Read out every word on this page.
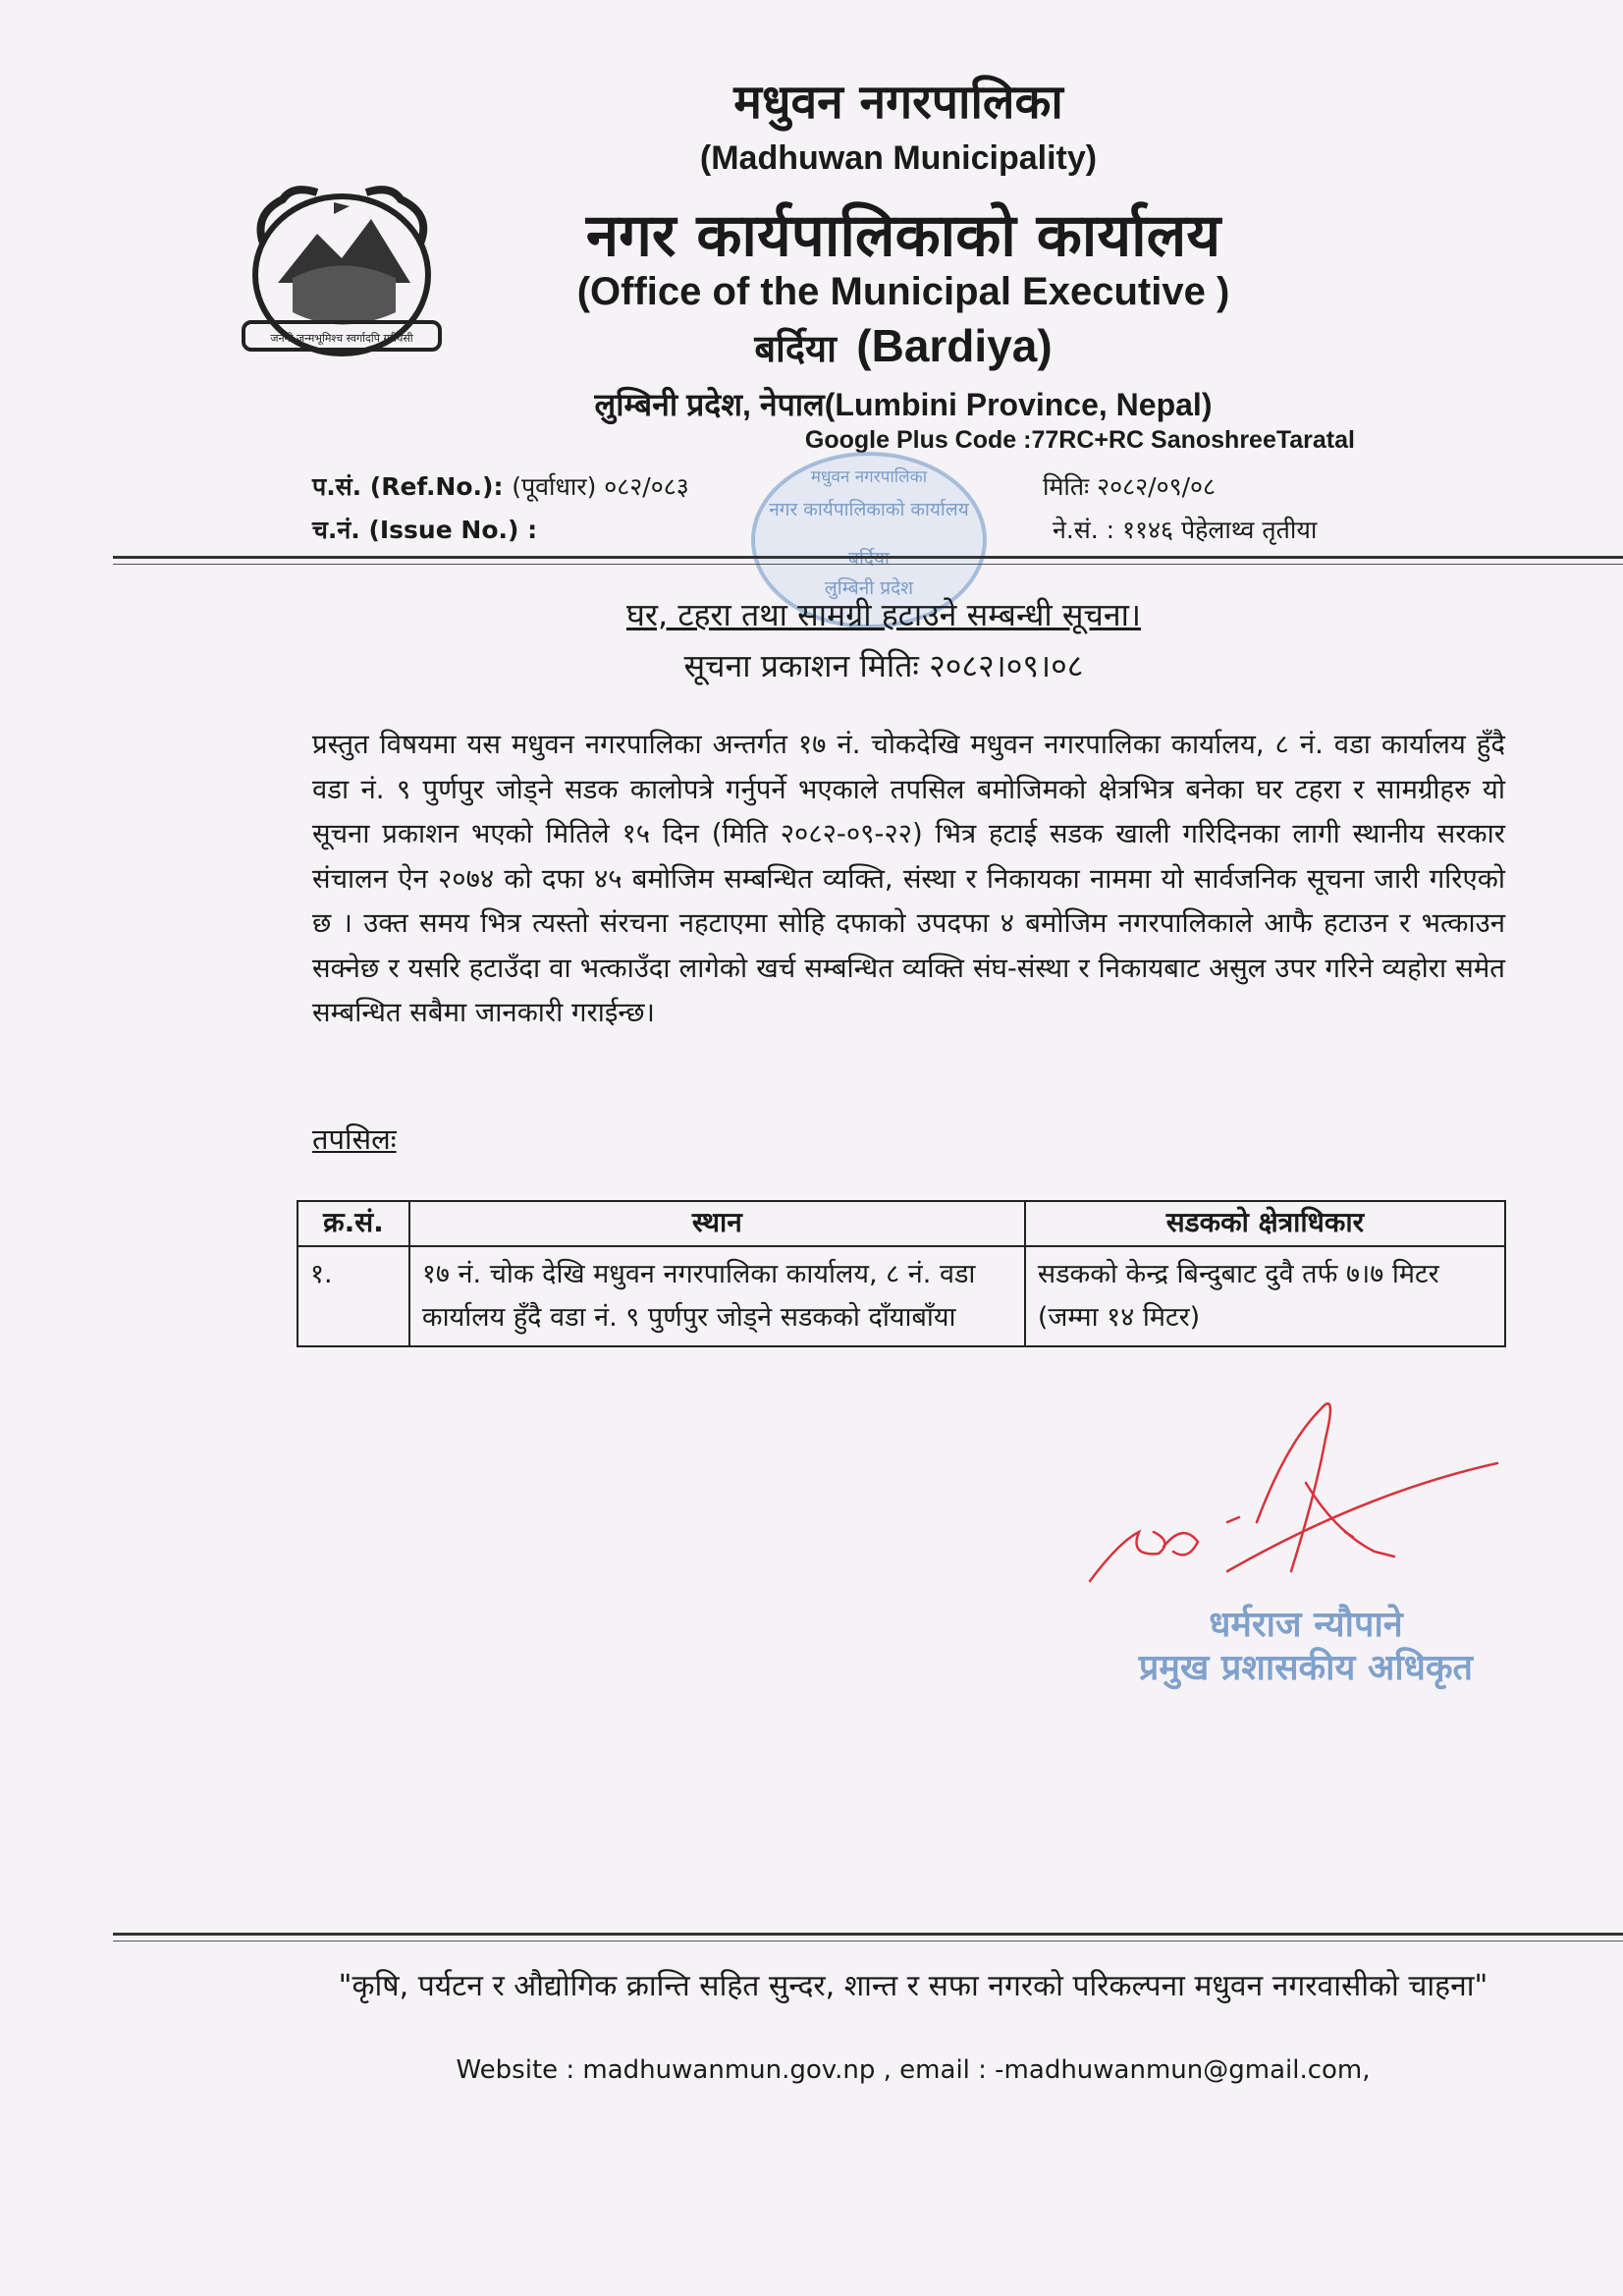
जननी जन्मभूमिश्च स्वर्गादपि गरीयसी
मधुवन नगरपालिका
(Madhuwan Municipality)
नगर कार्यपालिकाको कार्यालय
(Office of the Municipal Executive )
बर्दिया (Bardiya)
लुम्बिनी प्रदेश, नेपाल(Lumbini Province, Nepal)
Google Plus Code :77RC+RC SanoshreeTaratal
प.सं. (Ref.No.): (पूर्वाधार) ०८२/०८३
च.नं. (Issue No.) :
मितिः २०८२/०९/०८
ने.सं. : ११४६ पेहेलाथ्व तृतीया
मधुवन नगरपालिका
नगर कार्यपालिकाको कार्यालय
बर्दिया
लुम्बिनी प्रदेश
घर, टहरा तथा सामग्री हटाउने सम्बन्धी सूचना।
सूचना प्रकाशन मितिः २०८२।०९।०८
प्रस्तुत विषयमा यस मधुवन नगरपालिका अन्तर्गत १७ नं. चोकदेखि मधुवन नगरपालिका कार्यालय, ८ नं. वडा कार्यालय हुँदै वडा नं. ९ पुर्णपुर जोड्ने सडक कालोपत्रे गर्नुपर्ने भएकाले तपसिल बमोजिमको क्षेत्रभित्र बनेका घर टहरा र सामग्रीहरु यो सूचना प्रकाशन भएको मितिले १५ दिन (मिति २०८२-०९-२२) भित्र हटाई सडक खाली गरिदिनका लागी स्थानीय सरकार संचालन ऐन २०७४ को दफा ४५ बमोजिम सम्बन्धित व्यक्ति, संस्था र निकायका नाममा यो सार्वजनिक सूचना जारी गरिएको छ । उक्त समय भित्र त्यस्तो संरचना नहटाएमा सोहि दफाको उपदफा ४ बमोजिम नगरपालिकाले आफै हटाउन र भत्काउन सक्नेछ र यसरि हटाउँदा वा भत्काउँदा लागेको खर्च सम्बन्धित व्यक्ति संघ-संस्था र निकायबाट असुल उपर गरिने व्यहोरा समेत सम्बन्धित सबैमा जानकारी गराईन्छ।
तपसिलः
क्र.सं.	स्थान	सडकको क्षेत्राधिकार
१.	१७ नं. चोक देखि मधुवन नगरपालिका कार्यालय, ८ नं. वडा कार्यालय हुँदै वडा नं. ९ पुर्णपुर जोड्ने सडकको दाँयाबाँया	सडकको केन्द्र बिन्दुबाट दुवै तर्फ ७।७ मिटर (जम्मा १४ मिटर)
धर्मराज न्यौपाने
प्रमुख प्रशासकीय अधिकृत
"कृषि, पर्यटन र औद्योगिक क्रान्ति सहित सुन्दर, शान्त र सफा नगरको परिकल्पना मधुवन नगरवासीको चाहना"
Website : madhuwanmun.gov.np , email : -madhuwanmun@gmail.com,
